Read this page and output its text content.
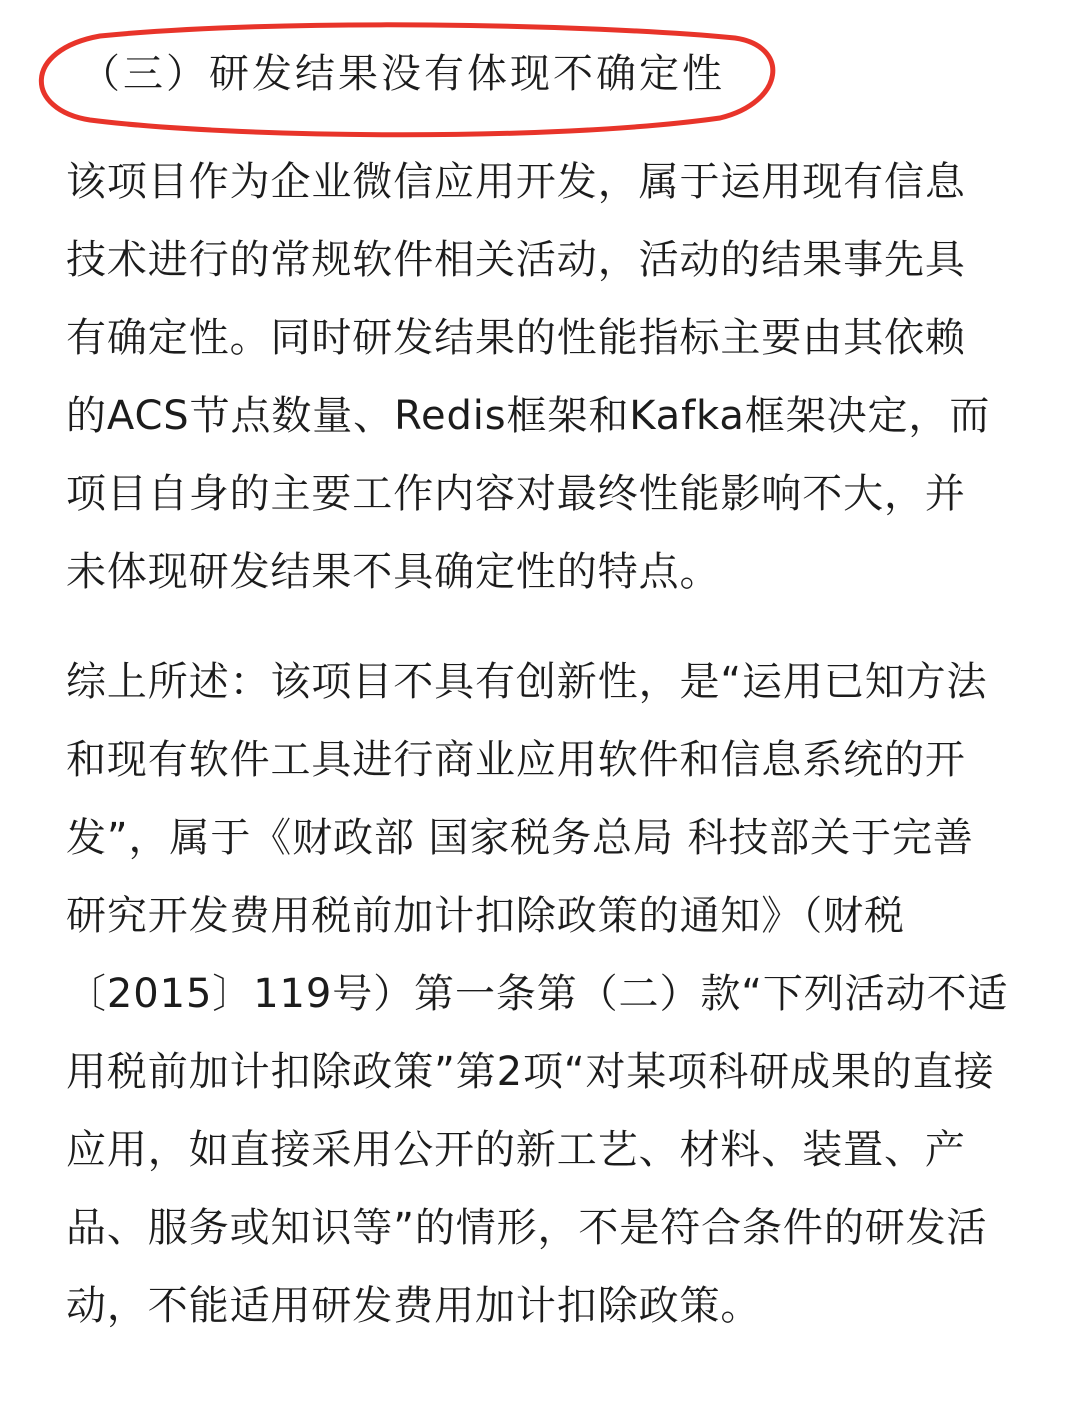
（三）研发结果没有体现不确定性

该项目作为企业微信应用开发，属于运用现有信息
技术进行的常规软件相关活动，活动的结果事先具
有确定性。同时研发结果的性能指标主要由其依赖
的ACS节点数量、Redis框架和Kafka框架决定，而
项目自身的主要工作内容对最终性能影响不大，并
未体现研发结果不具确定性的特点。

综上所述：该项目不具有创新性，是“运用已知方法
和现有软件工具进行商业应用软件和信息系统的开
发”，属于《财政部 国家税务总局 科技部关于完善
研究开发费用税前加计扣除政策的通知》（财税
〔2015〕119号）第一条第（二）款“下列活动不适
用税前加计扣除政策”第2项“对某项科研成果的直接
应用，如直接采用公开的新工艺、材料、装置、产
品、服务或知识等”的情形，不是符合条件的研发活
动，不能适用研发费用加计扣除政策。
